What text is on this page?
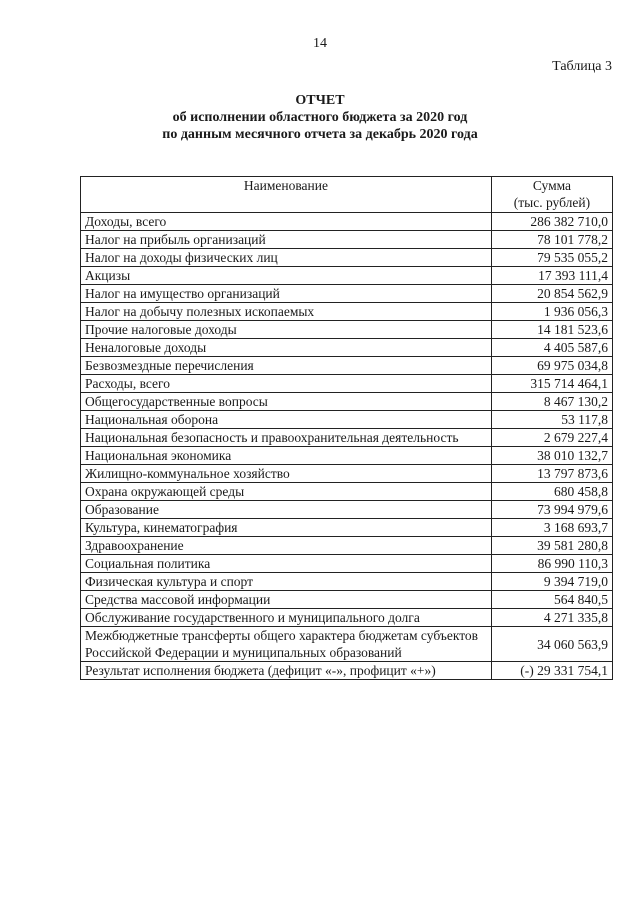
14
Таблица 3
ОТЧЕТ
об исполнении областного бюджета за 2020 год
по данным месячного отчета за декабрь 2020 года
Наименование	Сумма
(тыс. рублей)

Доходы, всего	286 382 710,0
Налог на прибыль организаций	78 101 778,2
Налог на доходы физических лиц	79 535 055,2
Акцизы	17 393 111,4
Налог на имущество организаций	20 854 562,9
Налог на добычу полезных ископаемых	1 936 056,3
Прочие налоговые доходы	14 181 523,6
Неналоговые доходы	4 405 587,6
Безвозмездные перечисления	69 975 034,8
Расходы, всего	315 714 464,1
Общегосударственные вопросы	8 467 130,2
Национальная оборона	53 117,8
Национальная безопасность и правоохранительная деятельность	2 679 227,4
Национальная экономика	38 010 132,7
Жилищно-коммунальное хозяйство	13 797 873,6
Охрана окружающей среды	680 458,8
Образование	73 994 979,6
Культура, кинематография	3 168 693,7
Здравоохранение	39 581 280,8
Социальная политика	86 990 110,3
Физическая культура и спорт	9 394 719,0
Средства массовой информации	564 840,5
Обслуживание государственного и муниципального долга	4 271 335,8
Межбюджетные трансферты общего характера бюджетам субъектов Российской Федерации и муниципальных образований	34 060 563,9
Результат исполнения бюджета (дефицит «-», профицит «+»)	(-) 29 331 754,1
